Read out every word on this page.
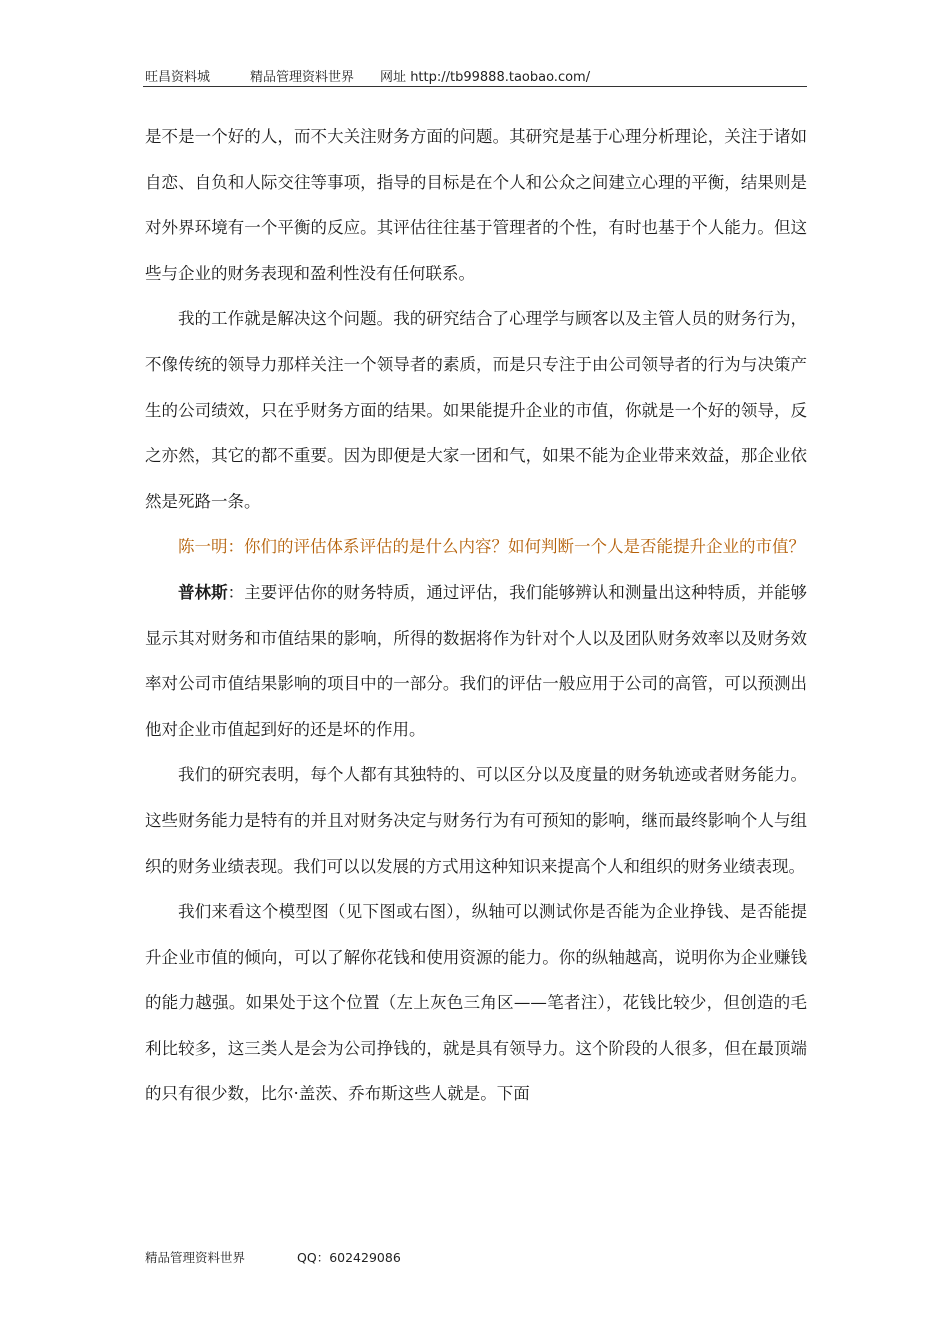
旺昌资料城	精品管理资料世界 网址 http://tb99888.taobao.com/

是不是一个好的人，而不大关注财务方面的问题。其研究是基于心理分析理论，关注于诸如自恋、自负和人际交往等事项，指导的目标是在个人和公众之间建立心理的平衡，结果则是对外界环境有一个平衡的反应。其评估往往基于管理者的个性，有时也基于个人能力。但这些与企业的财务表现和盈利性没有任何联系。

我的工作就是解决这个问题。我的研究结合了心理学与顾客以及主管人员的财务行为，不像传统的领导力那样关注一个领导者的素质，而是只专注于由公司领导者的行为与决策产生的公司绩效，只在乎财务方面的结果。如果能提升企业的市值，你就是一个好的领导，反之亦然，其它的都不重要。因为即便是大家一团和气，如果不能为企业带来效益，那企业依然是死路一条。

陈一明：你们的评估体系评估的是什么内容？如何判断一个人是否能提升企业的市值？

普林斯：主要评估你的财务特质，通过评估，我们能够辨认和测量出这种特质，并能够显示其对财务和市值结果的影响，所得的数据将作为针对个人以及团队财务效率以及财务效率对公司市值结果影响的项目中的一部分。我们的评估一般应用于公司的高管，可以预测出他对企业市值起到好的还是坏的作用。

我们的研究表明，每个人都有其独特的、可以区分以及度量的财务轨迹或者财务能力。这些财务能力是特有的并且对财务决定与财务行为有可预知的影响，继而最终影响个人与组织的财务业绩表现。我们可以以发展的方式用这种知识来提高个人和组织的财务业绩表现。

我们来看这个模型图（见下图或右图），纵轴可以测试你是否能为企业挣钱、是否能提升企业市值的倾向，可以了解你花钱和使用资源的能力。你的纵轴越高，说明你为企业赚钱的能力越强。如果处于这个位置（左上灰色三角区——笔者注），花钱比较少，但创造的毛利比较多，这三类人是会为公司挣钱的，就是具有领导力。这个阶段的人很多，但在最顶端的只有很少数，比尔·盖茨、乔布斯这些人就是。下面

精品管理资料世界	QQ：602429086
